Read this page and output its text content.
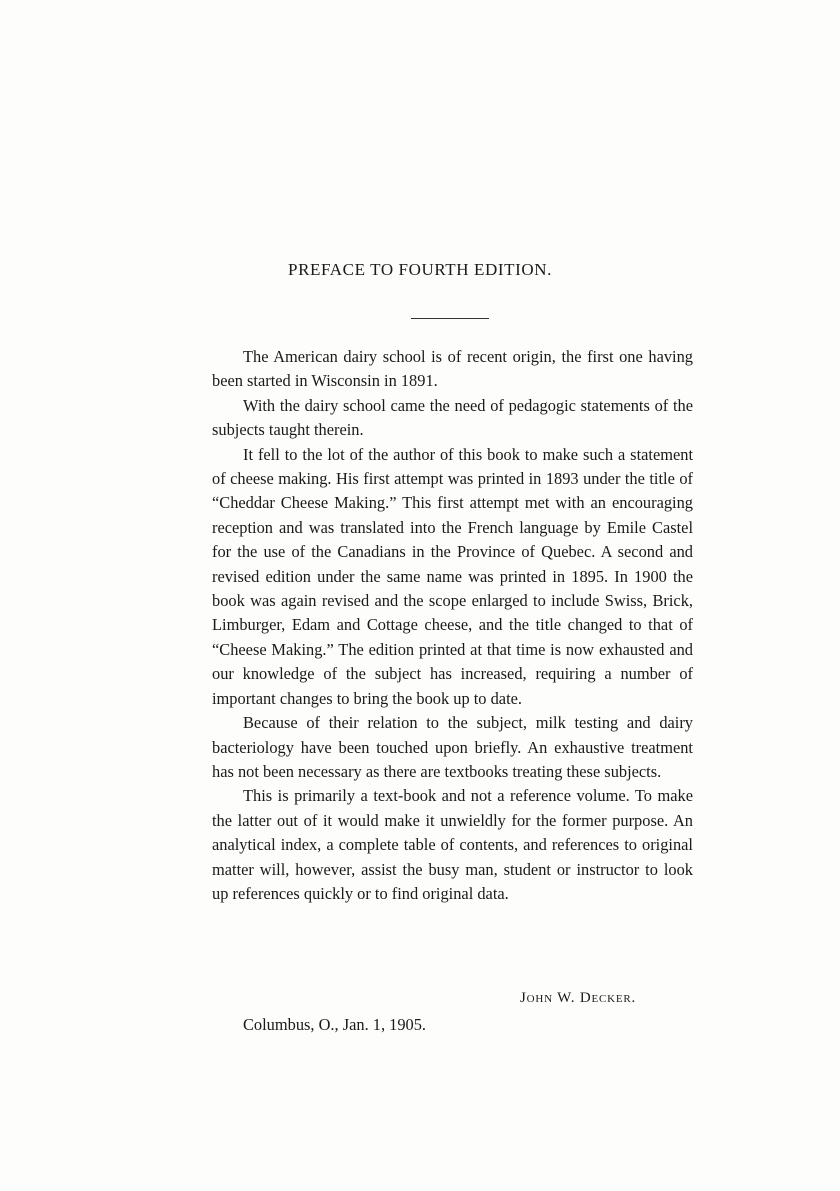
PREFACE TO FOURTH EDITION.

The American dairy school is of recent origin, the first one having been started in Wisconsin in 1891.

With the dairy school came the need of pedagogic statements of the subjects taught therein.

It fell to the lot of the author of this book to make such a statement of cheese making. His first attempt was printed in 1893 under the title of “Cheddar Cheese Making.” This first attempt met with an encouraging reception and was translated into the French language by Emile Castel for the use of the Canadians in the Province of Quebec. A second and revised edition under the same name was printed in 1895. In 1900 the book was again revised and the scope enlarged to include Swiss, Brick, Limburger, Edam and Cottage cheese, and the title changed to that of “Cheese Making.” The edition printed at that time is now exhausted and our knowledge of the subject has increased, requiring a number of important changes to bring the book up to date.

Because of their relation to the subject, milk testing and dairy bacteriology have been touched upon briefly. An exhaustive treatment has not been necessary as there are textbooks treating these subjects.

This is primarily a text-book and not a reference volume. To make the latter out of it would make it unwieldly for the former purpose. An analytical index, a complete table of contents, and references to original matter will, however, assist the busy man, student or instructor to look up references quickly or to find original data.

John W. Decker.
Columbus, O., Jan. 1, 1905.
